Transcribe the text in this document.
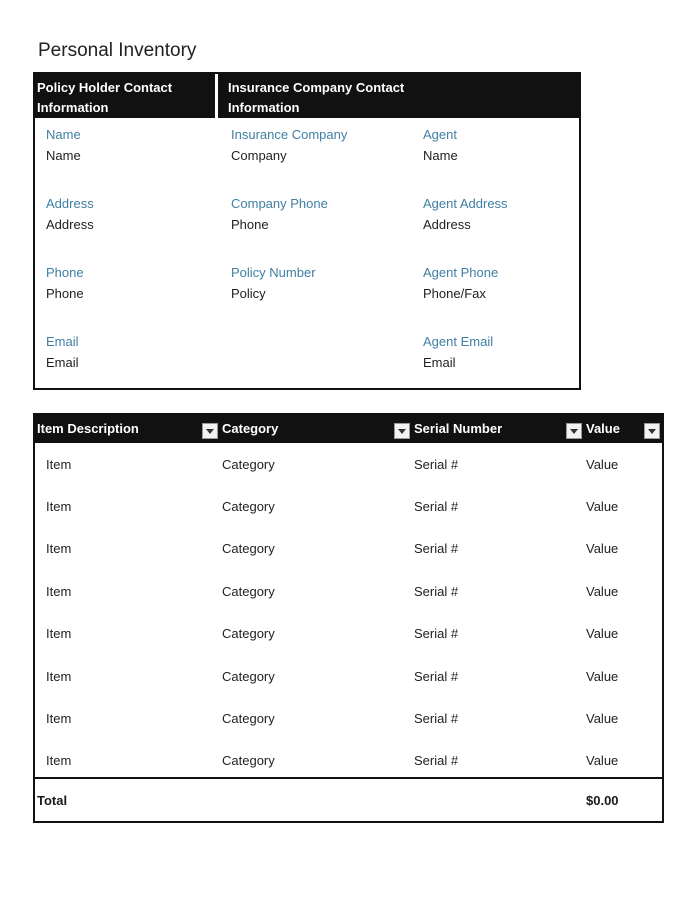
Personal Inventory
Policy Holder Contact Information
Insurance Company Contact Information
Name
Name
Address
Address
Phone
Phone
Email
Email
Insurance Company
Company
Company Phone
Phone
Policy Number
Policy
Agent
Name
Agent Address
Address
Agent Phone
Phone/Fax
Agent Email
Email
Item Description	Category	Serial Number	Value
Item	Category	Serial #	Value
Item	Category	Serial #	Value
Item	Category	Serial #	Value
Item	Category	Serial #	Value
Item	Category	Serial #	Value
Item	Category	Serial #	Value
Item	Category	Serial #	Value
Item	Category	Serial #	Value
Total	$0.00
